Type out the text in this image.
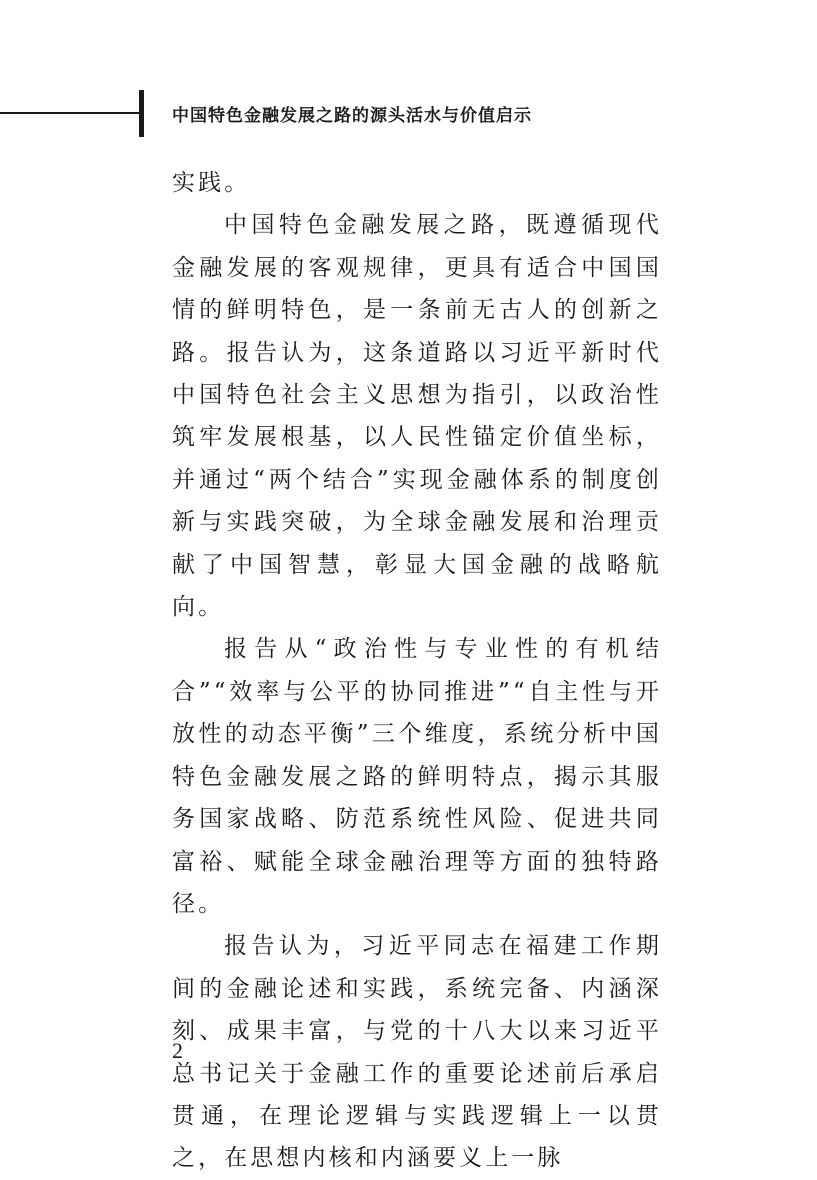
中国特色金融发展之路的源头活水与价值启示

实践。

中国特色金融发展之路，既遵循现代金融发展的客观规律，更具有适合中国国情的鲜明特色，是一条前无古人的创新之路。报告认为，这条道路以习近平新时代中国特色社会主义思想为指引，以政治性筑牢发展根基，以人民性锚定价值坐标，并通过“两个结合”实现金融体系的制度创新与实践突破，为全球金融发展和治理贡献了中国智慧，彰显大国金融的战略航向。

报告从“政治性与专业性的有机结合”“效率与公平的协同推进”“自主性与开放性的动态平衡”三个维度，系统分析中国特色金融发展之路的鲜明特点，揭示其服务国家战略、防范系统性风险、促进共同富裕、赋能全球金融治理等方面的独特路径。

报告认为，习近平同志在福建工作期间的金融论述和实践，系统完备、内涵深刻、成果丰富，与党的十八大以来习近平总书记关于金融工作的重要论述前后承启贯通，在理论逻辑与实践逻辑上一以贯之，在思想内核和内涵要义上一脉

2
